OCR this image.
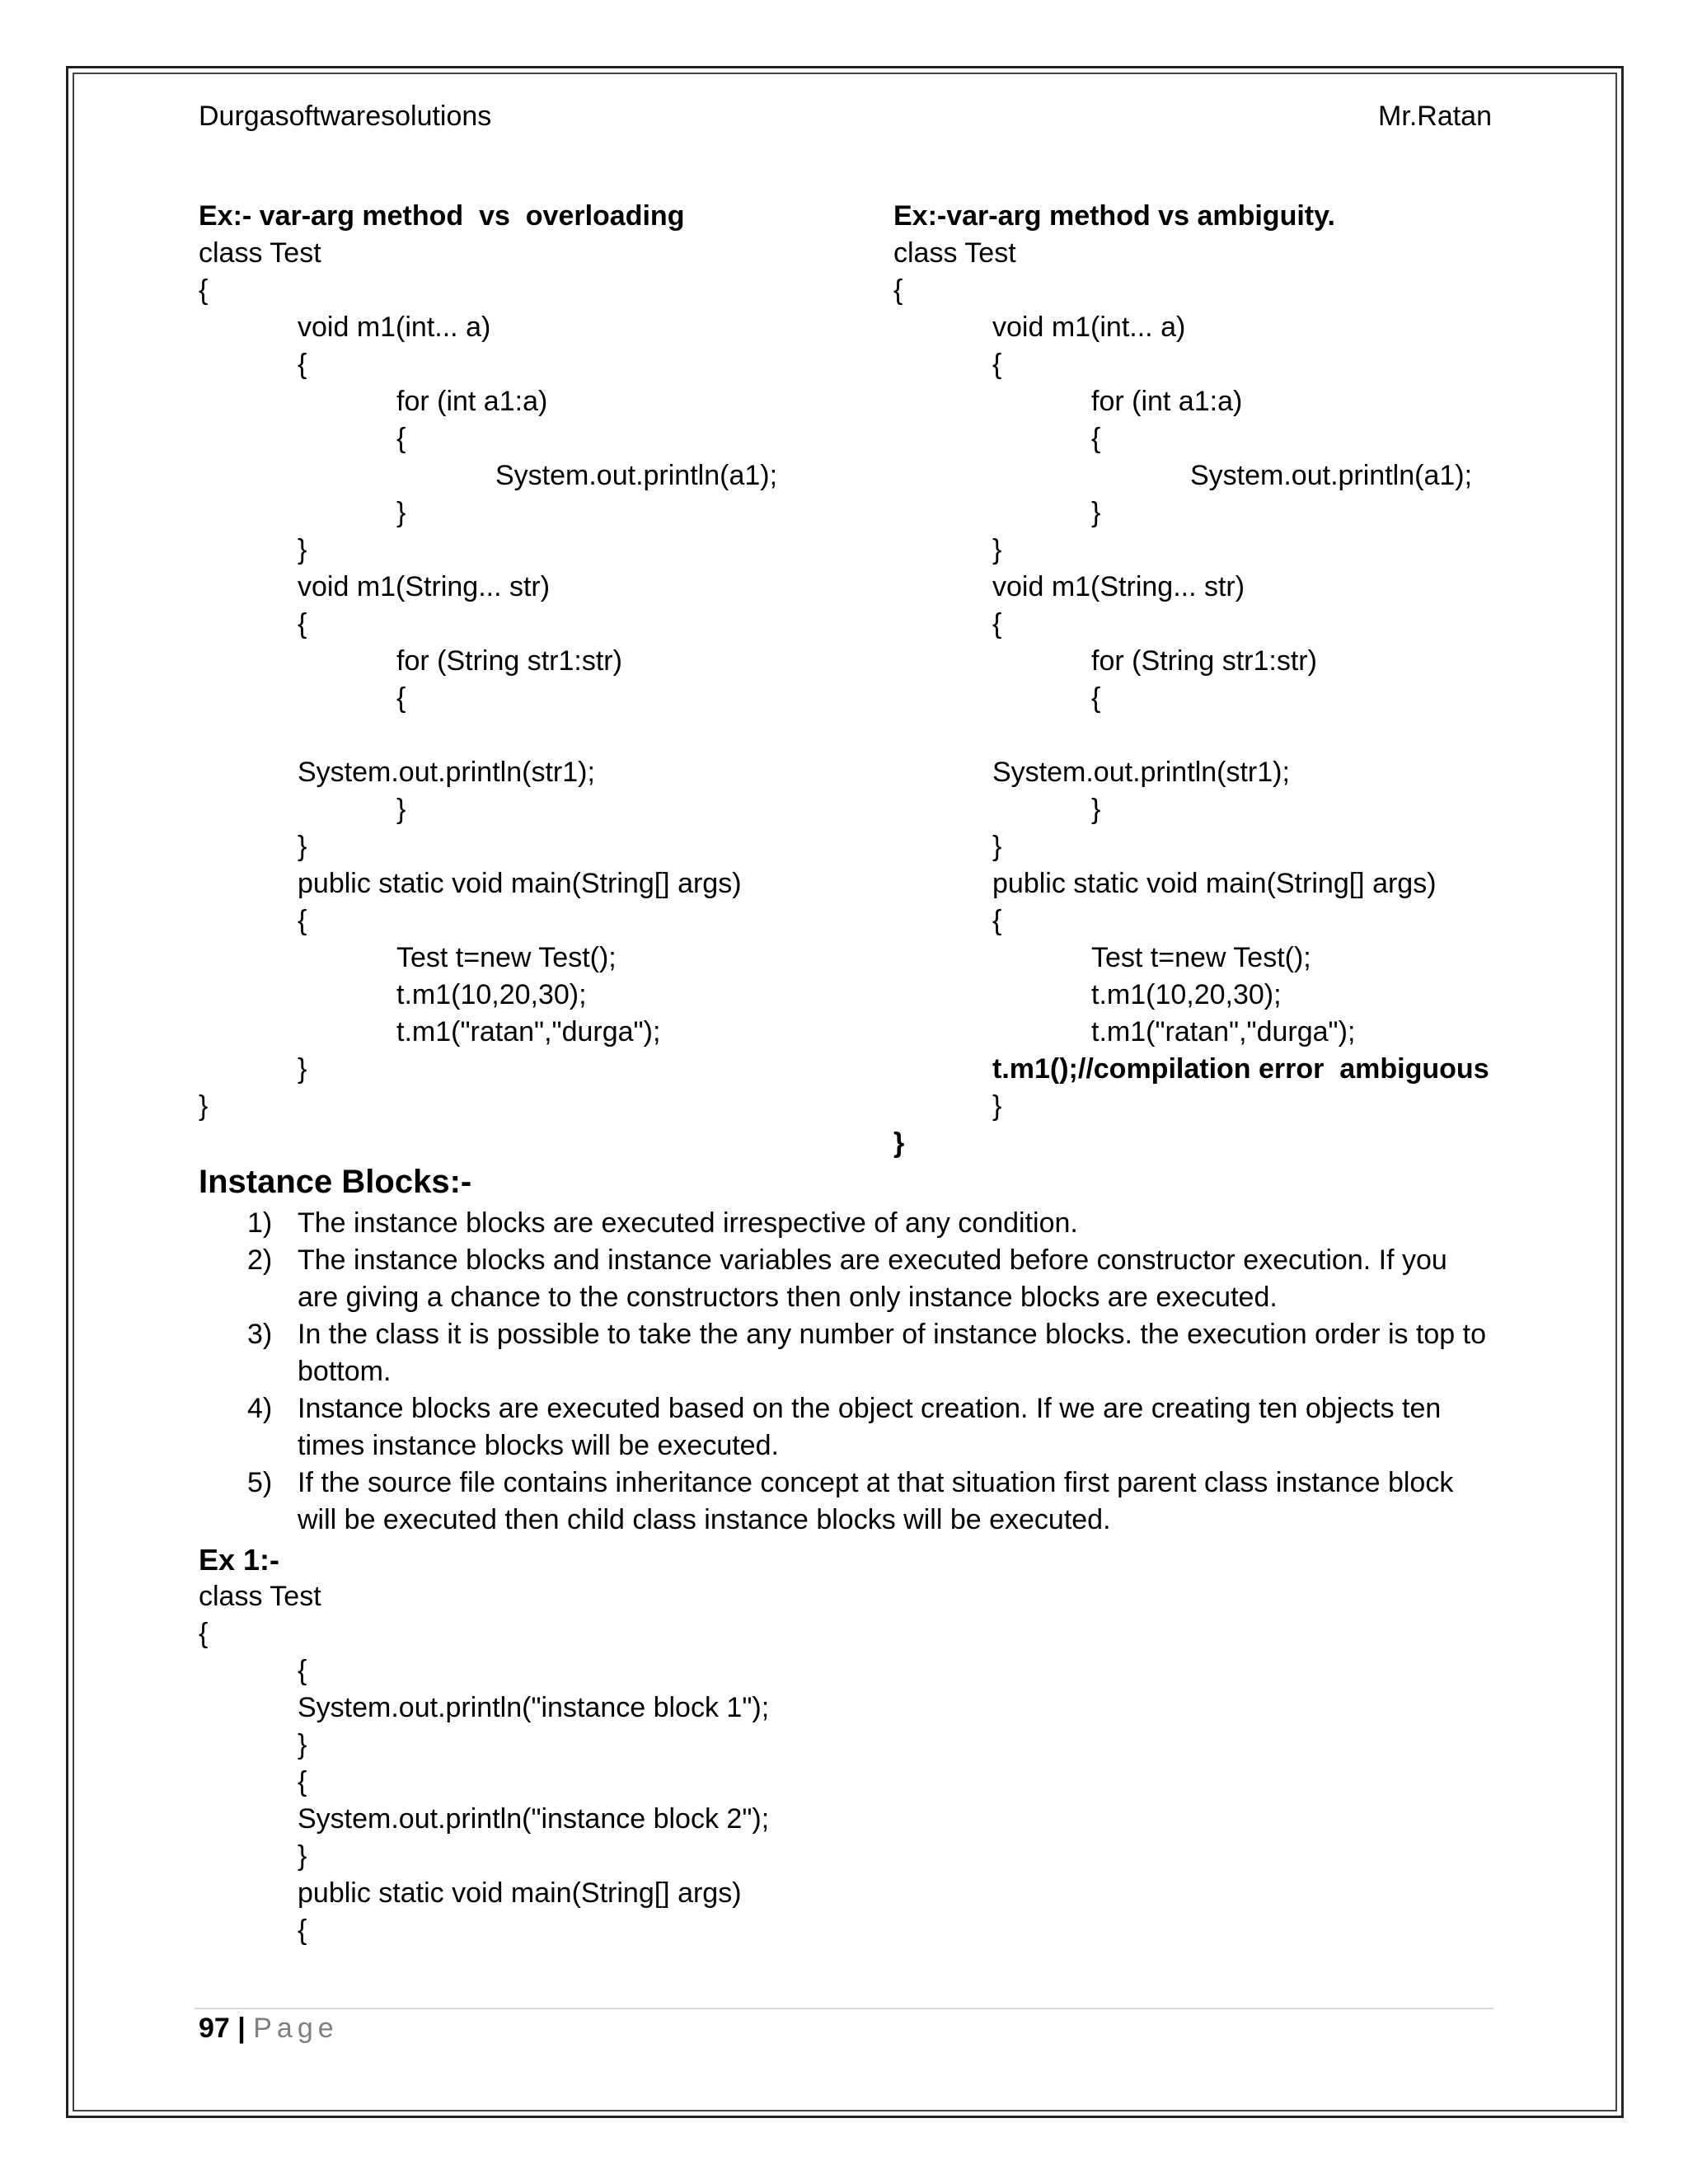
Durgasoftwaresolutions	Mr.Ratan
Ex:- var-arg method  vs  overloading
class Test
{
void m1(int... a)
{
for (int a1:a)
{
System.out.println(a1);
}
}
void m1(String... str)
{
for (String str1:str)
{
System.out.println(str1);
}
}
public static void main(String[] args)
{
Test t=new Test();
t.m1(10,20,30);
t.m1("ratan","durga");
}
}
Ex:-var-arg method vs ambiguity.
class Test
{
void m1(int... a)
{
for (int a1:a)
{
System.out.println(a1);
}
}
void m1(String... str)
{
for (String str1:str)
{
System.out.println(str1);
}
}
public static void main(String[] args)
{
Test t=new Test();
t.m1(10,20,30);
t.m1("ratan","durga");
t.m1();//compilation error  ambiguous
}
}
Instance Blocks:-
1) The instance blocks are executed irrespective of any condition.
2) The instance blocks and instance variables are executed before constructor execution. If you are giving a chance to the constructors then only instance blocks are executed.
3) In the class it is possible to take the any number of instance blocks. the execution order is top to bottom.
4) Instance blocks are executed based on the object creation. If we are creating ten objects ten times instance blocks will be executed.
5) If the source file contains inheritance concept at that situation first parent class instance block will be executed then child class instance blocks will be executed.
Ex 1:-
class Test
{
{
System.out.println("instance block 1");
}
{
System.out.println("instance block 2");
}
public static void main(String[] args)
{
97 | Page
